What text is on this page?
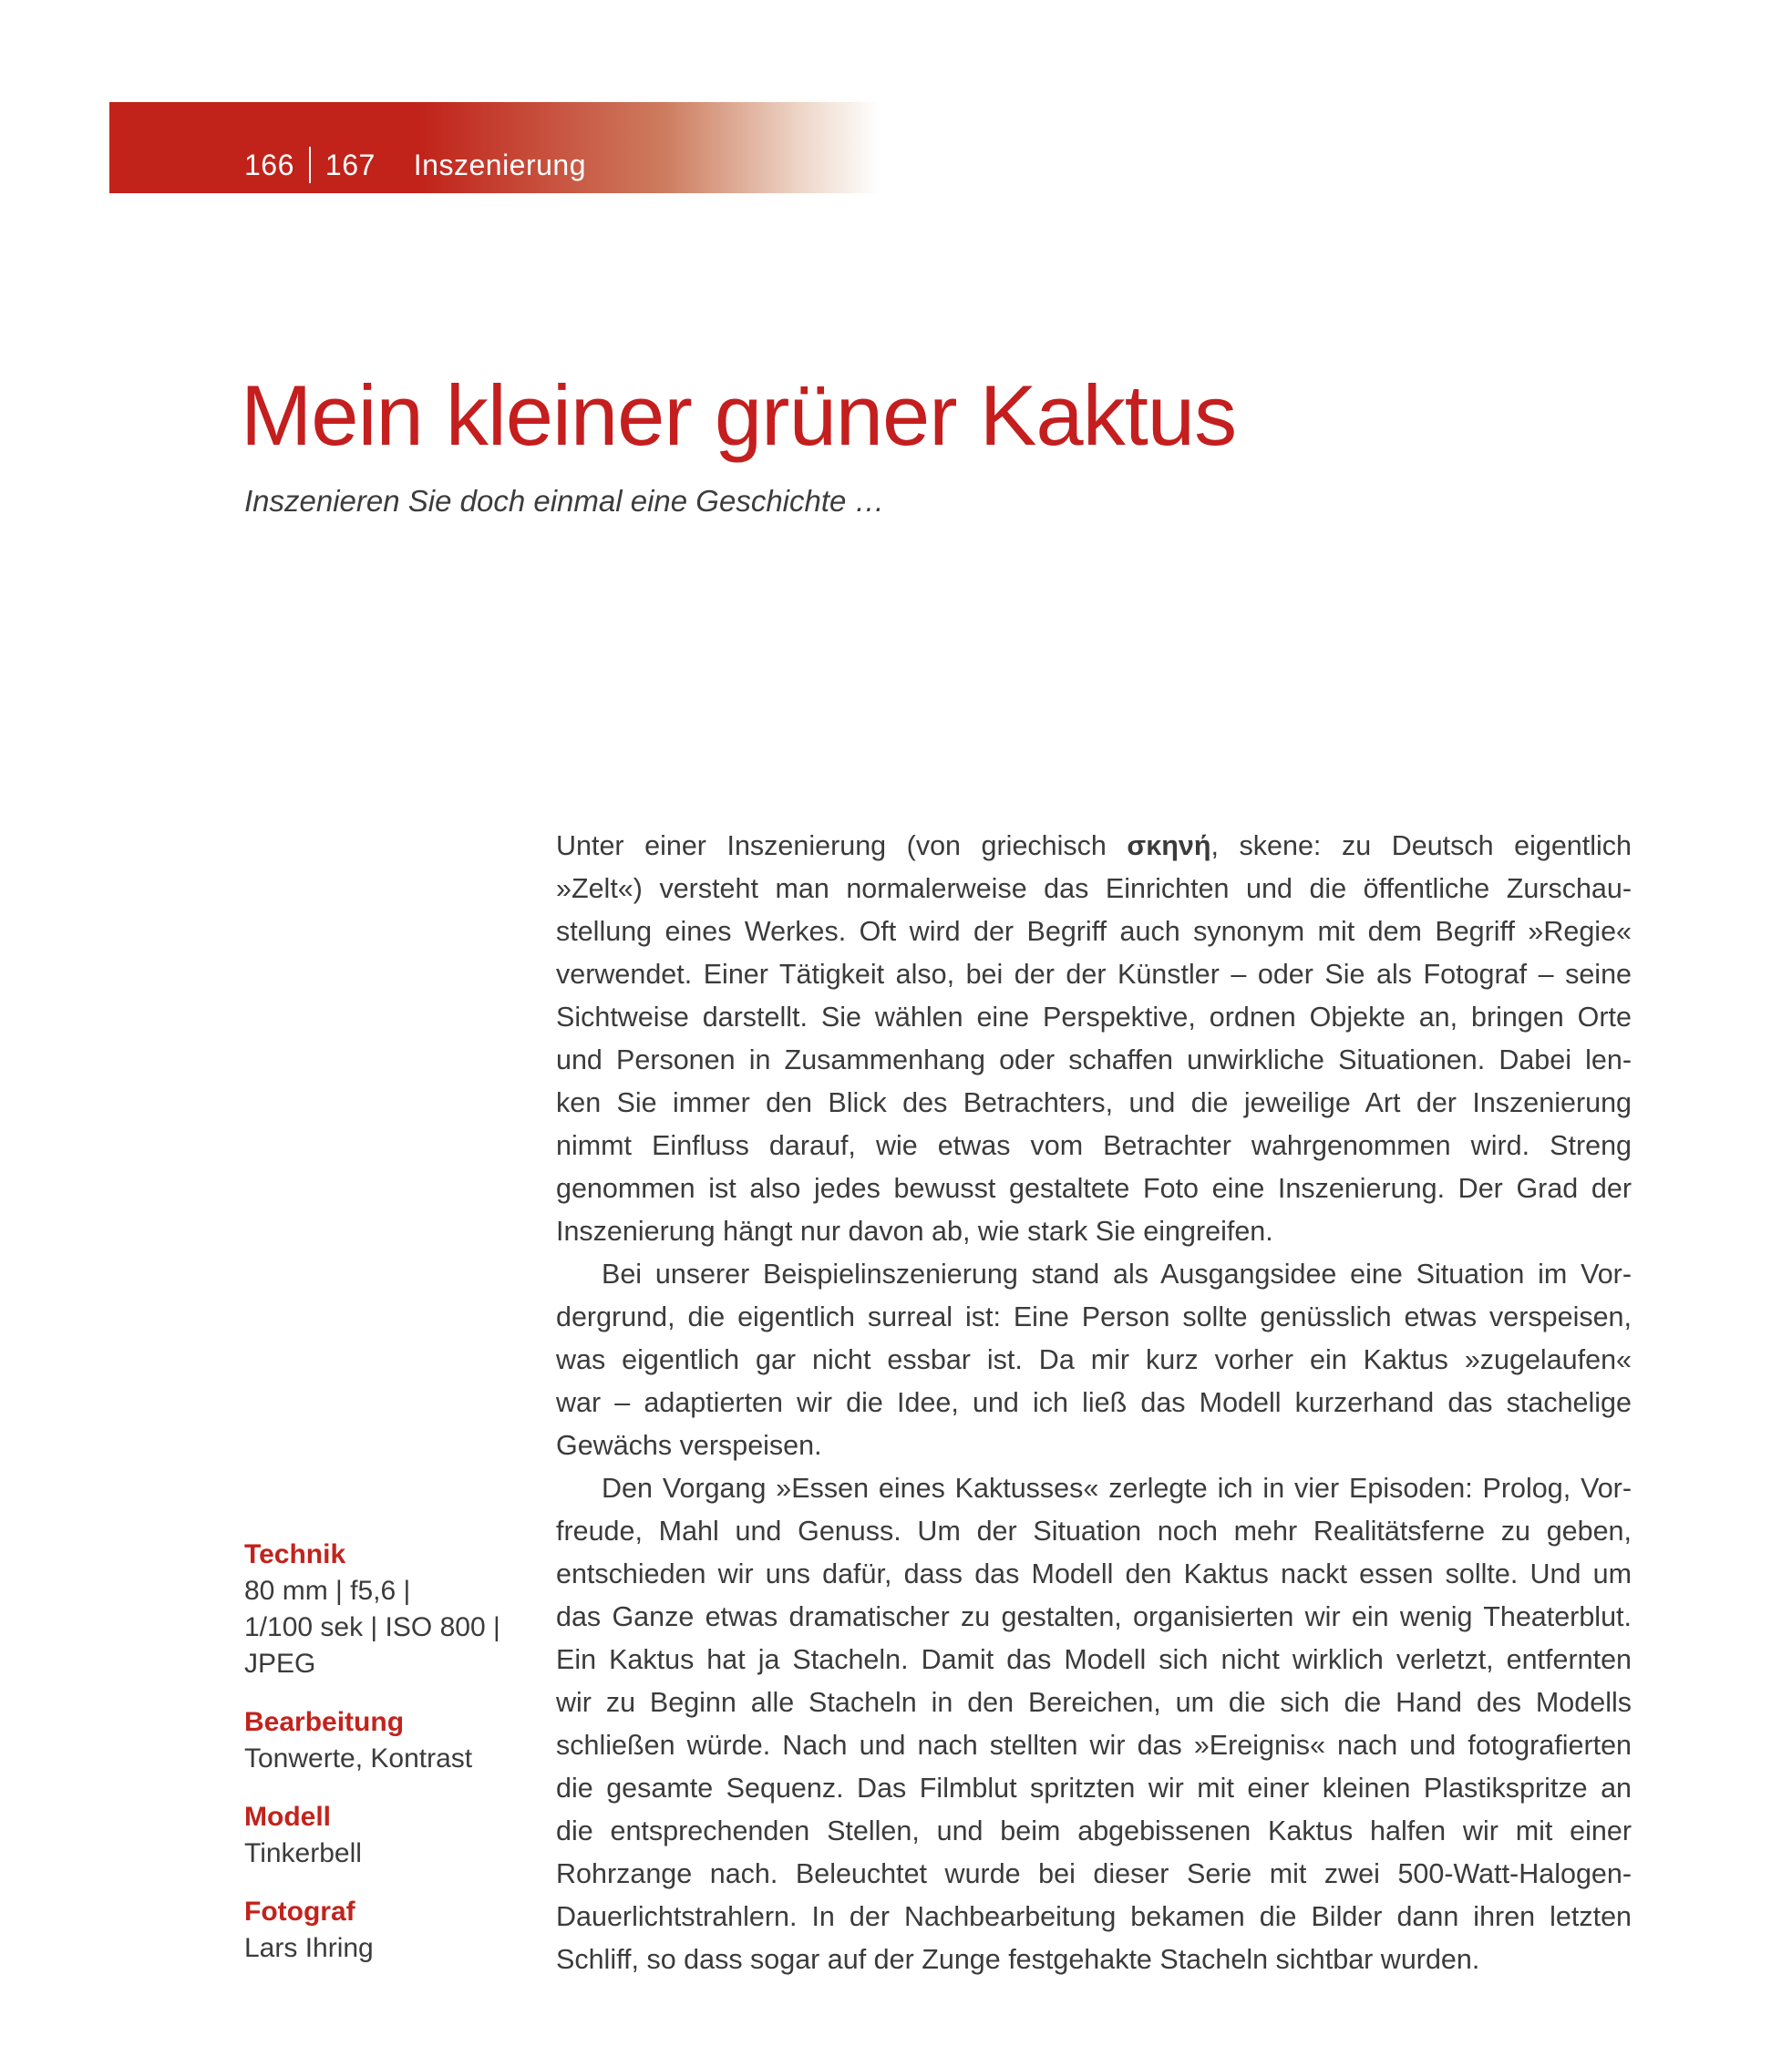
166 167 Inszenierung
Mein kleiner grüner Kaktus
Inszenieren Sie doch einmal eine Geschichte …
Unter einer Inszenierung (von griechisch σκηνή, skene: zu Deutsch eigentlich
»Zelt«) versteht man normalerweise das Einrichten und die öffentliche Zurschau-
stellung eines Werkes. Oft wird der Begriff auch synonym mit dem Begriff »Regie«
verwendet. Einer Tätigkeit also, bei der der Künstler – oder Sie als Fotograf – seine
Sichtweise darstellt. Sie wählen eine Perspektive, ordnen Objekte an, bringen Orte
und Personen in Zusammenhang oder schaffen unwirkliche Situationen. Dabei len-
ken Sie immer den Blick des Betrachters, und die jeweilige Art der Inszenierung
nimmt Einfluss darauf, wie etwas vom Betrachter wahrgenommen wird. Streng
genommen ist also jedes bewusst gestaltete Foto eine Inszenierung. Der Grad der
Inszenierung hängt nur davon ab, wie stark Sie eingreifen.
Bei unserer Beispielinszenierung stand als Ausgangsidee eine Situation im Vor-
dergrund, die eigentlich surreal ist: Eine Person sollte genüsslich etwas verspeisen,
was eigentlich gar nicht essbar ist. Da mir kurz vorher ein Kaktus »zugelaufen«
war – adaptierten wir die Idee, und ich ließ das Modell kurzerhand das stachelige
Gewächs verspeisen.
Den Vorgang »Essen eines Kaktusses« zerlegte ich in vier Episoden: Prolog, Vor-
freude, Mahl und Genuss. Um der Situation noch mehr Realitätsferne zu geben,
entschieden wir uns dafür, dass das Modell den Kaktus nackt essen sollte. Und um
das Ganze etwas dramatischer zu gestalten, organisierten wir ein wenig Theaterblut.
Ein Kaktus hat ja Stacheln. Damit das Modell sich nicht wirklich verletzt, entfernten
wir zu Beginn alle Stacheln in den Bereichen, um die sich die Hand des Modells
schließen würde. Nach und nach stellten wir das »Ereignis« nach und fotografierten
die gesamte Sequenz. Das Filmblut spritzten wir mit einer kleinen Plastikspritze an
die entsprechenden Stellen, und beim abgebissenen Kaktus halfen wir mit einer
Rohrzange nach. Beleuchtet wurde bei dieser Serie mit zwei 500-Watt-Halogen-
Dauerlichtstrahlern. In der Nachbearbeitung bekamen die Bilder dann ihren letzten
Schliff, so dass sogar auf der Zunge festgehakte Stacheln sichtbar wurden.
Technik
80 mm | f5,6 |
1/100 sek | ISO 800 |
JPEG
Bearbeitung
Tonwerte, Kontrast
Modell
Tinkerbell
Fotograf
Lars Ihring
